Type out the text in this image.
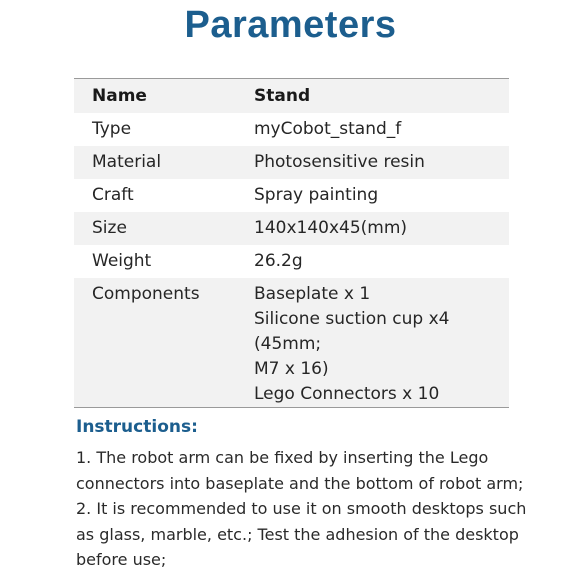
Parameters
Name	Stand
Type	myCobot_stand_f
Material	Photosensitive resin
Craft	Spray painting
Size	140x140x45(mm)
Weight	26.2g
Components	Baseplate x 1
Silicone suction cup x4 (45mm;
M7 x 16)
Lego Connectors x 10
Instructions:
1. The robot arm can be fixed by inserting the Lego
connectors into baseplate and the bottom of robot arm;
2. It is recommended to use it on smooth desktops such
as glass, marble, etc.; Test the adhesion of the desktop
before use;
